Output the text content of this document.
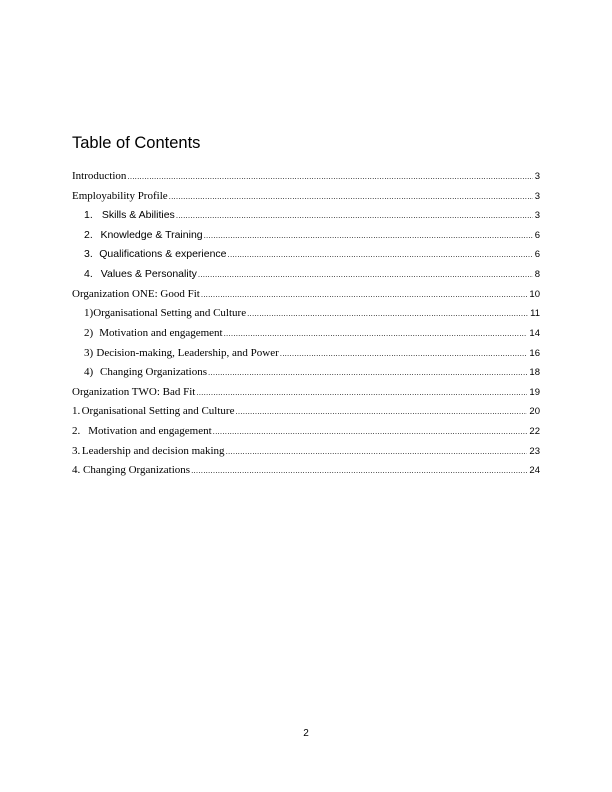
Table of Contents
Introduction .....	3
Employability Profile .....	3
1. Skills & Abilities .....	3
2. Knowledge & Training .....	6
3. Qualifications & experience .....	6
4. Values & Personality .....	8
Organization ONE: Good Fit .....	10
1) Organisational Setting and Culture .....	11
2) Motivation and engagement .....	14
3) Decision-making, Leadership, and Power .....	16
4) Changing Organizations .....	18
Organization TWO: Bad Fit .....	19
1. Organisational Setting and Culture .....	20
2. Motivation and engagement .....	22
3. Leadership and decision making .....	23
4. Changing Organizations .....	24
2
